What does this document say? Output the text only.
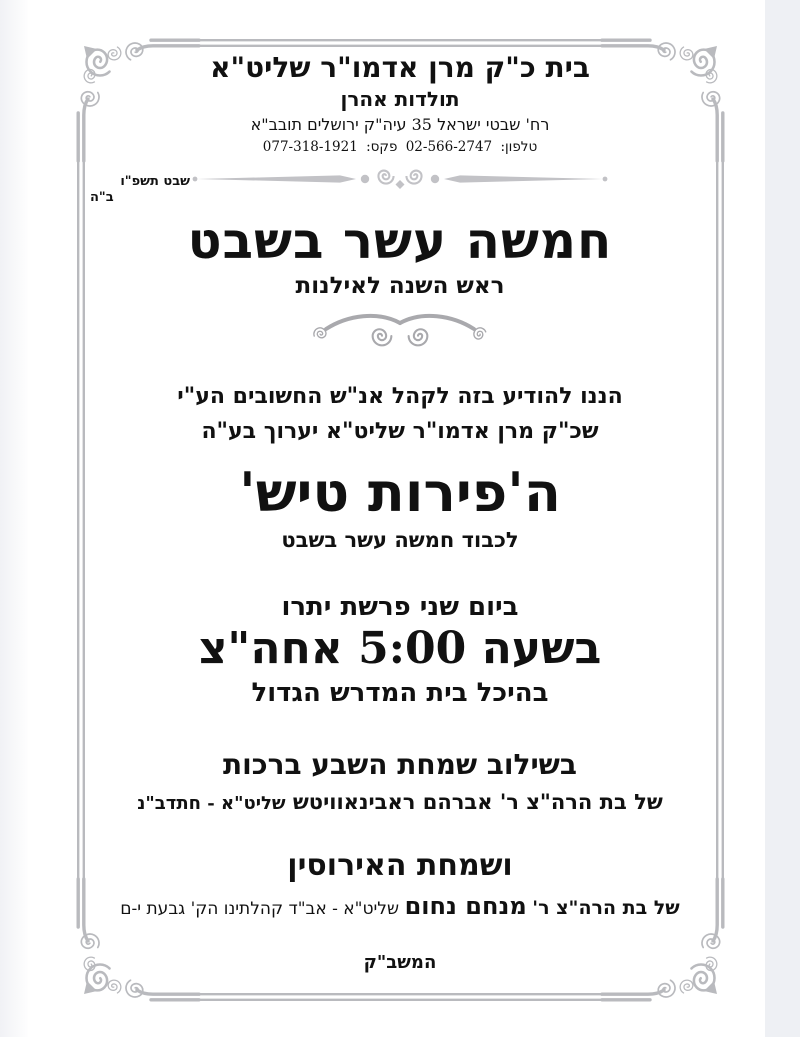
שבט תשפ"ו
ב"ה
בית כ"ק מרן אדמו"ר שליט"א
תולדות אהרן
רח' שבטי ישראל 35 עיה"ק ירושלים תובב"א
טלפון: 02-566-2747 פקס: 077-318-1921
חמשה עשר בשבט
ראש השנה לאילנות
הננו להודיע בזה לקהל אנ"ש החשובים הע"י
שכ"ק מרן אדמו"ר שליט"א יערוך בע"ה
ה'פירות טיש'
לכבוד חמשה עשר בשבט
ביום שני פרשת יתרו
בשעה 5:00 אחה"צ
בהיכל בית המדרש הגדול
בשילוב שמחת השבע ברכות
של בת הרה"צ ר' אברהם ראבינאוויטש שליט"א - חתדב"נ
ושמחת האירוסין
של בת הרה"צ ר' מנחם נחום שליט"א - אב"ד קהלתינו הק' גבעת י-ם
המשב"ק
